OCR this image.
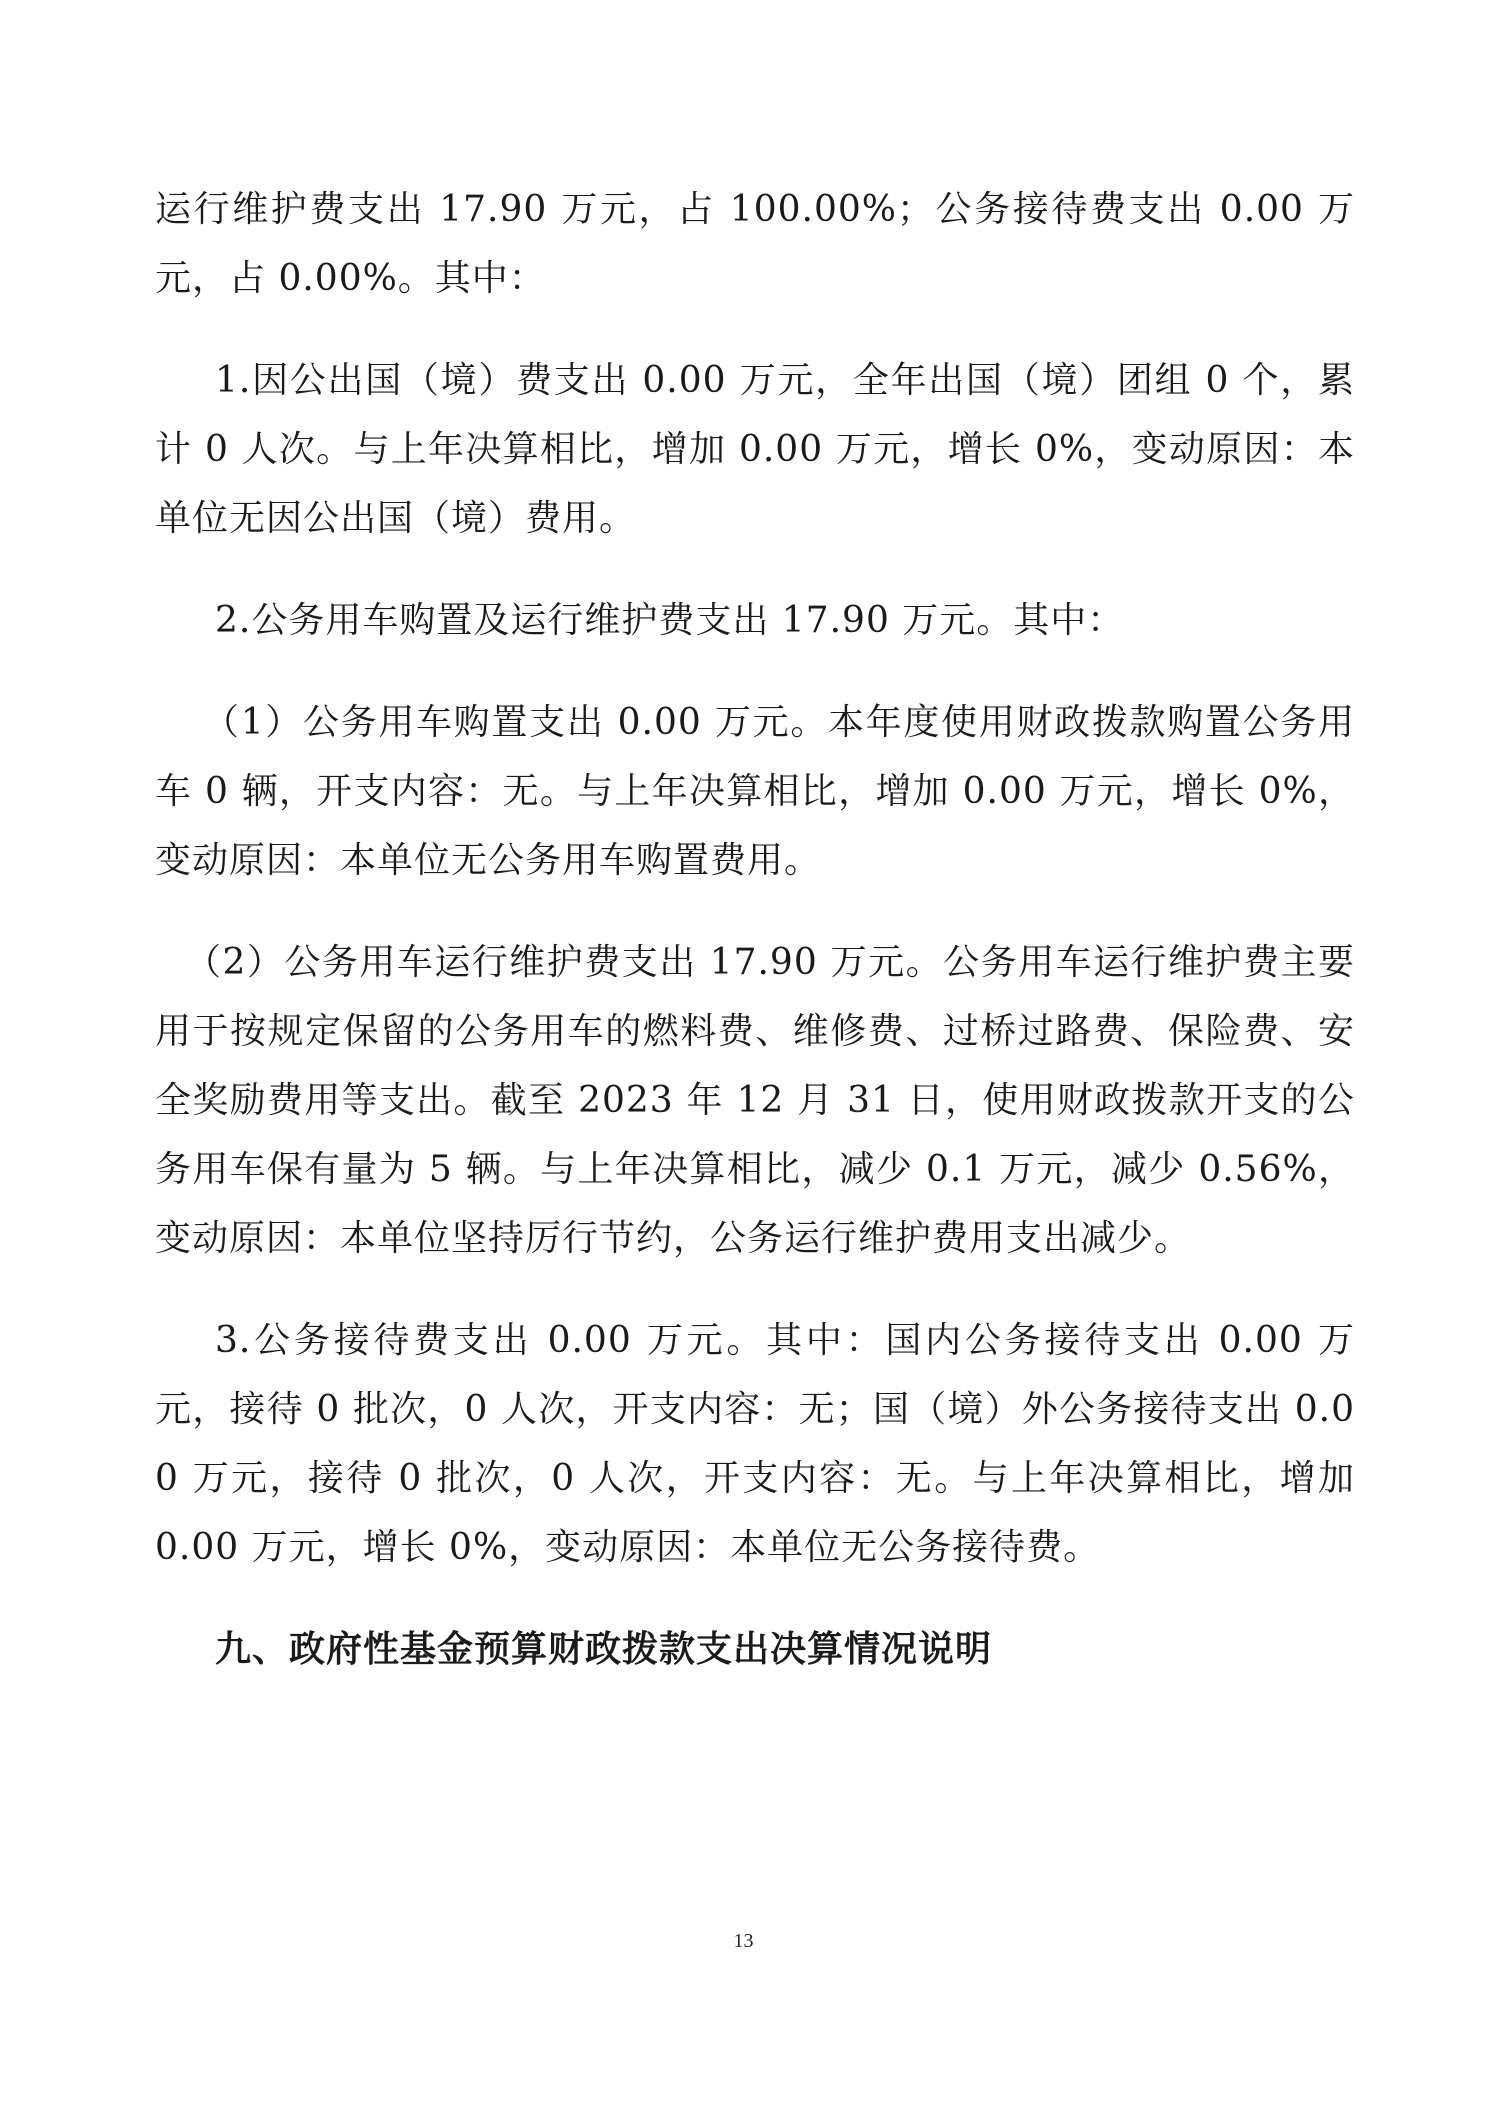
运行维护费支出 17.90 万元，占 100.00%；公务接待费支出 0.00 万元，占 0.00%。其中：

1.因公出国（境）费支出 0.00 万元，全年出国（境）团组 0 个，累计 0 人次。与上年决算相比，增加 0.00 万元，增长 0%，变动原因：本单位无因公出国（境）费用。

2.公务用车购置及运行维护费支出 17.90 万元。其中：

（1）公务用车购置支出 0.00 万元。本年度使用财政拨款购置公务用车 0 辆，开支内容：无。与上年决算相比，增加 0.00 万元，增长 0%，变动原因：本单位无公务用车购置费用。

（2）公务用车运行维护费支出 17.90 万元。公务用车运行维护费主要用于按规定保留的公务用车的燃料费、维修费、过桥过路费、保险费、安全奖励费用等支出。截至 2023 年 12 月 31 日，使用财政拨款开支的公务用车保有量为 5 辆。与上年决算相比，减少 0.1 万元，减少 0.56%，变动原因：本单位坚持厉行节约，公务运行维护费用支出减少。

3.公务接待费支出 0.00 万元。其中：国内公务接待支出 0.00 万元，接待 0 批次，0 人次，开支内容：无；国（境）外公务接待支出 0.00 万元，接待 0 批次，0 人次，开支内容：无。与上年决算相比，增加 0.00 万元，增长 0%，变动原因：本单位无公务接待费。

九、政府性基金预算财政拨款支出决算情况说明
13
